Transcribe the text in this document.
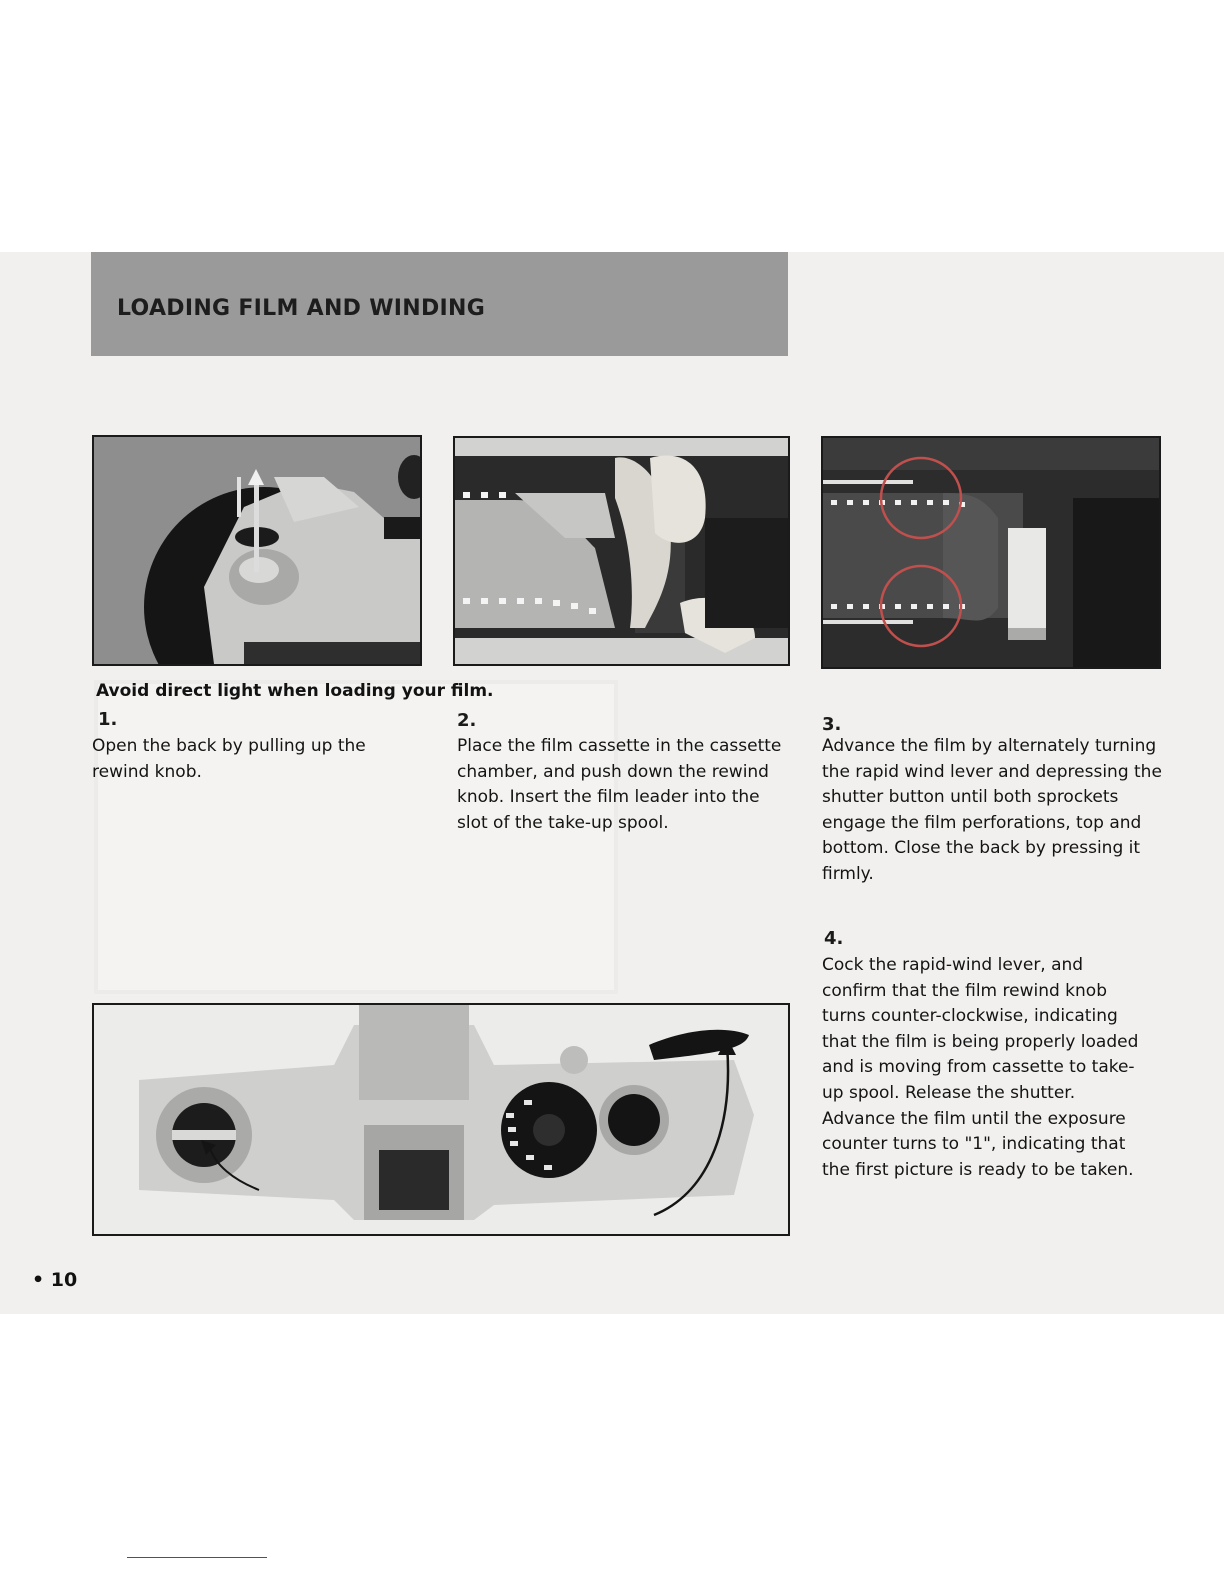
LOADING FILM AND WINDING
Avoid direct light when loading your film.
1.
Open the back by pulling up the rewind knob.
2.
Place the film cassette in the cassette chamber, and push down the rewind knob. Insert the film leader into the slot of the take-up spool.
3.
Advance the film by alternately turning the rapid wind lever and depressing the shutter button until both sprockets engage the film perforations, top and bottom. Close the back by pressing it firmly.
4.
Cock the rapid-wind lever, and confirm that the film rewind knob turns counter-clockwise, indicating that the film is being properly loaded and is moving from cassette to take-up spool. Release the shutter. Advance the film until the exposure counter turns to "1", indicating that the first picture is ready to be taken.
• 10
